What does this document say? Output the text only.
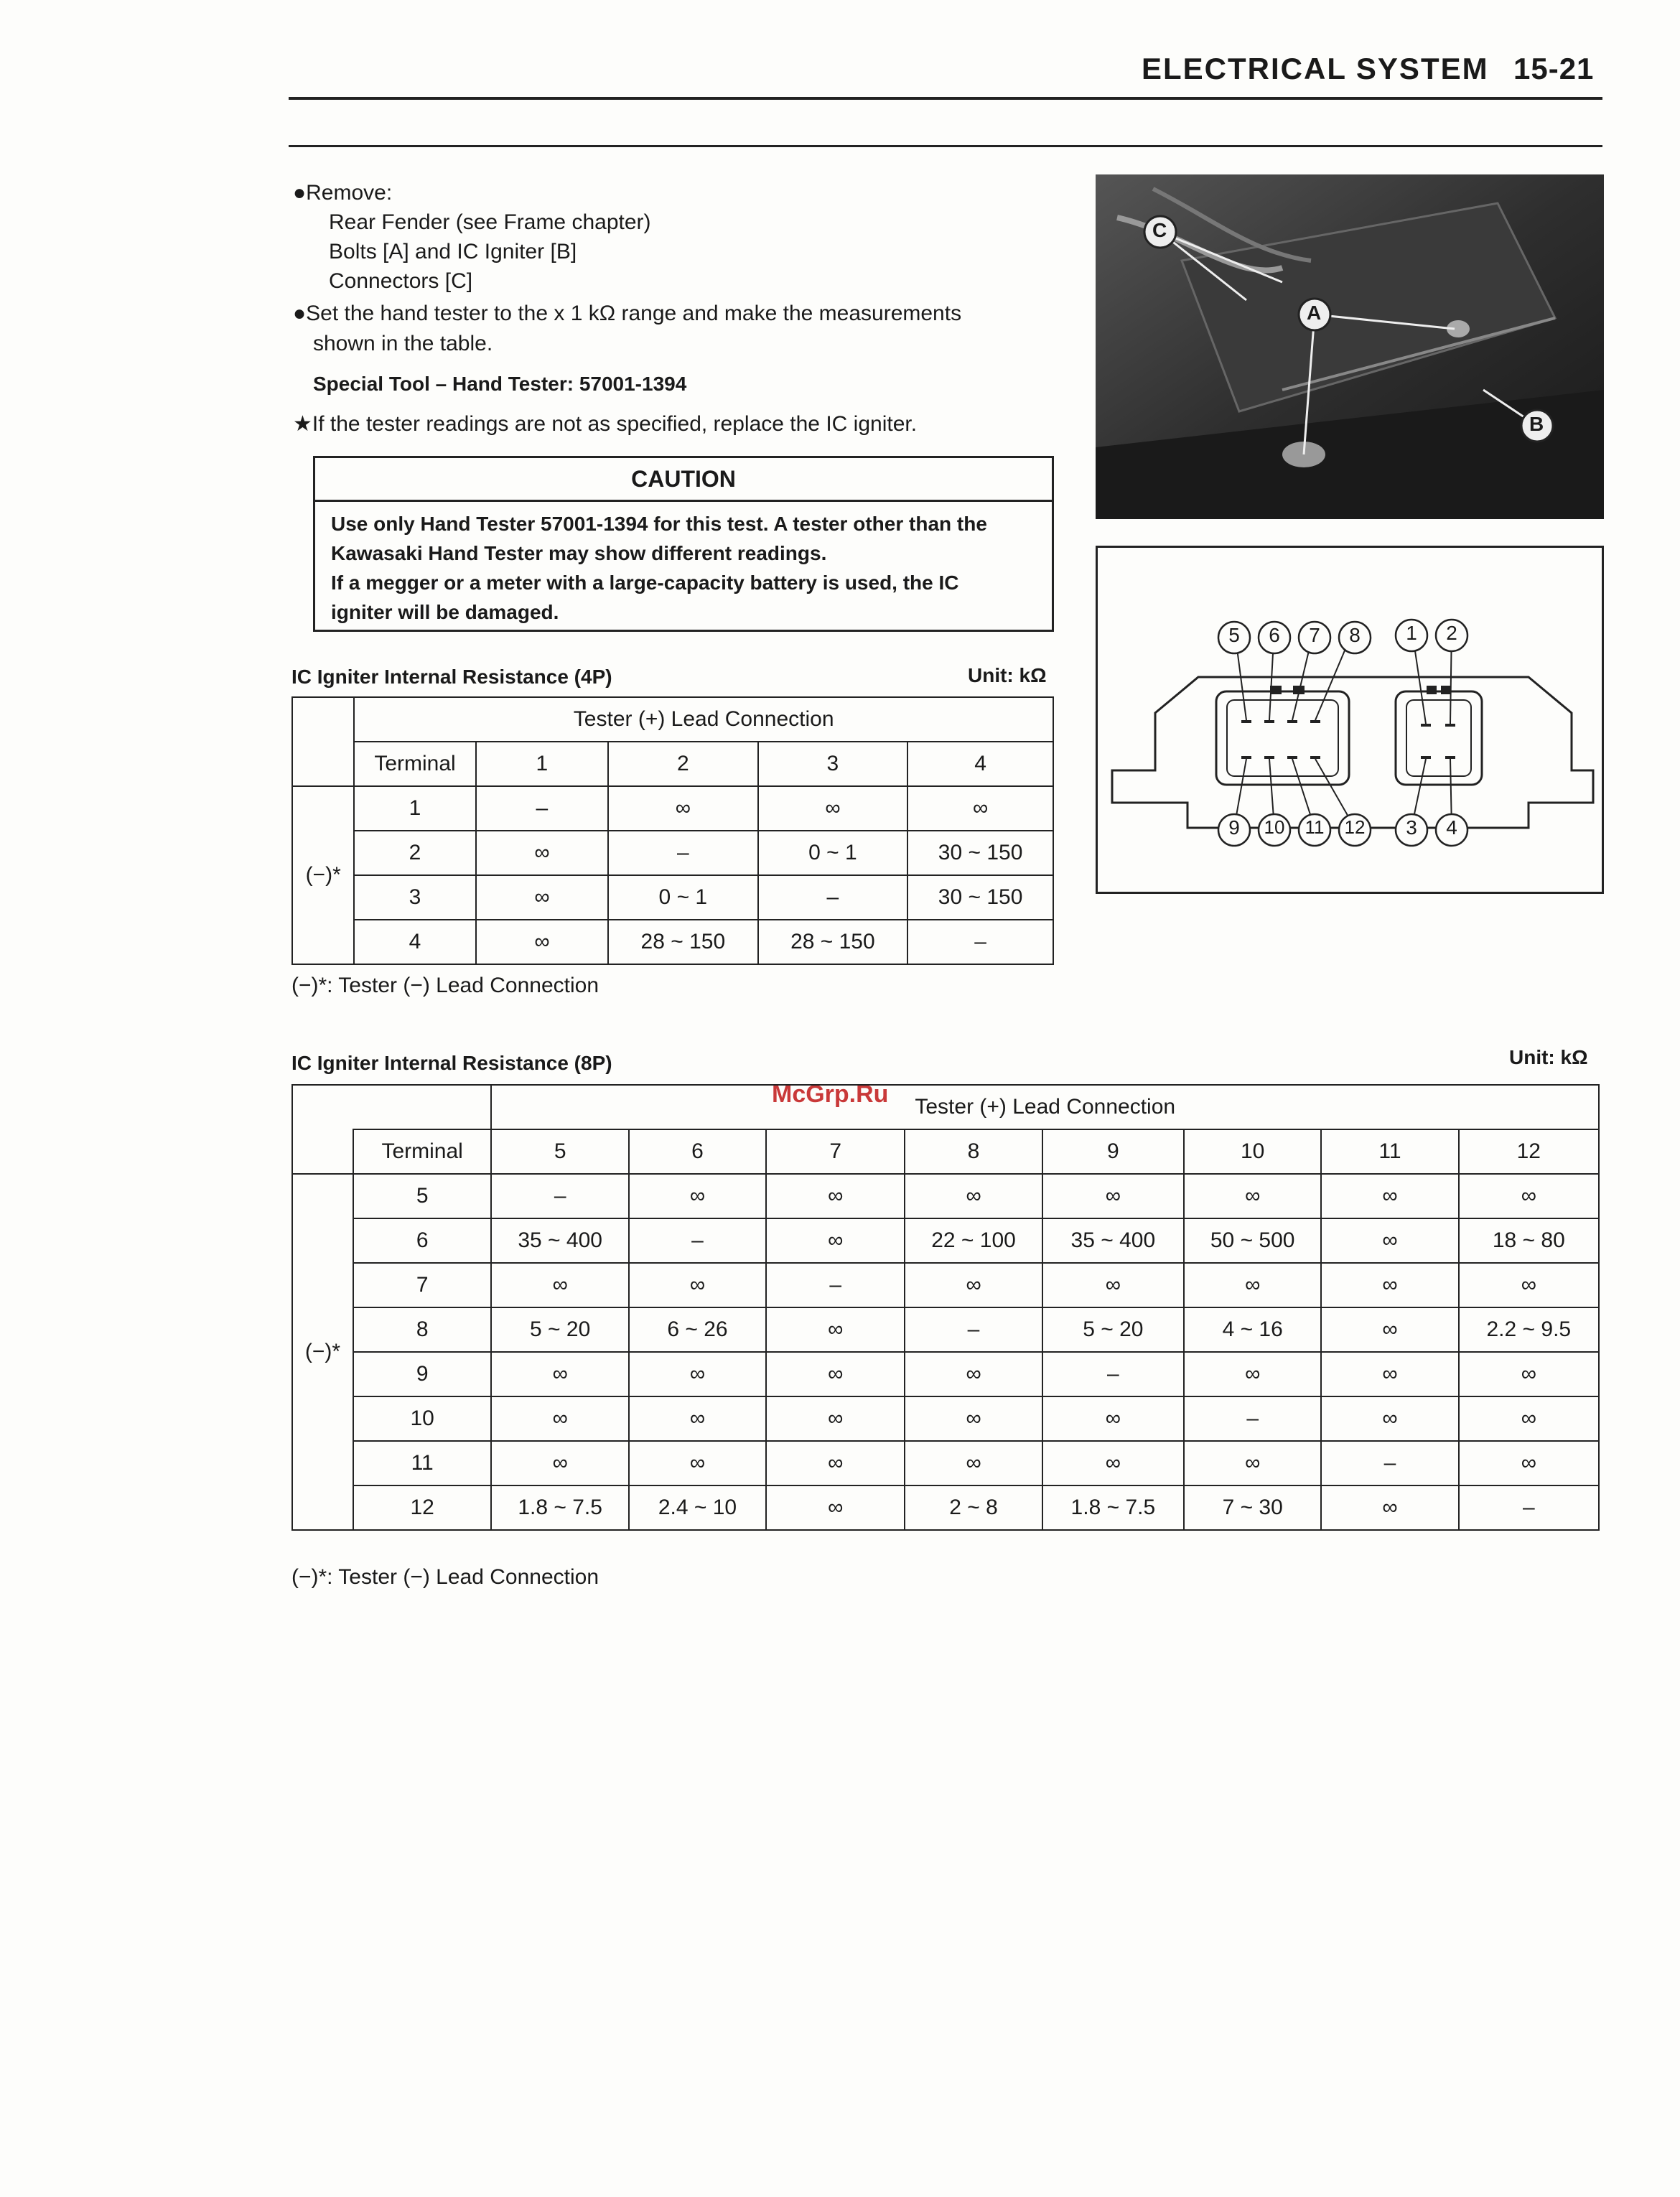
ELECTRICAL SYSTEM 15-21
●Remove:
Rear Fender (see Frame chapter)
Bolts [A] and IC Igniter [B]
Connectors [C]
●Set the hand tester to the x 1 kΩ range and make the measurements
shown in the table.
Special Tool – Hand Tester: 57001-1394
★If the tester readings are not as specified, replace the IC igniter.
CAUTION
Use only Hand Tester 57001-1394 for this test. A tester other than the
Kawasaki Hand Tester may show different readings.
If a megger or a meter with a large-capacity battery is used, the IC
igniter will be damaged.
C
A
B
5	6	7	8	1	2
9	10	11	12	3	4
IC Igniter Internal Resistance (4P)	Unit: kΩ
		Tester (+) Lead Connection				
	Terminal	1	2	3	4
(−)*	1	–	∞	∞	∞
	2	∞	–	0 ~ 1	30 ~ 150
	3	∞	0 ~ 1	–	30 ~ 150
	4	∞	28 ~ 150	28 ~ 150	–
(−)*: Tester (−) Lead Connection
IC Igniter Internal Resistance (8P)	Unit: kΩ
McGrp.Ru
		Tester (+) Lead Connection							
	Terminal	5	6	7	8	9	10	11	12
(−)*	5	–	∞	∞	∞	∞	∞	∞	∞
	6	35 ~ 400	–	∞	22 ~ 100	35 ~ 400	50 ~ 500	∞	18 ~ 80
	7	∞	∞	–	∞	∞	∞	∞	∞
	8	5 ~ 20	6 ~ 26	∞	–	5 ~ 20	4 ~ 16	∞	2.2 ~ 9.5
	9	∞	∞	∞	∞	–	∞	∞	∞
	10	∞	∞	∞	∞	∞	–	∞	∞
	11	∞	∞	∞	∞	∞	∞	–	∞
	12	1.8 ~ 7.5	2.4 ~ 10	∞	2 ~ 8	1.8 ~ 7.5	7 ~ 30	∞	–
(−)*: Tester (−) Lead Connection
